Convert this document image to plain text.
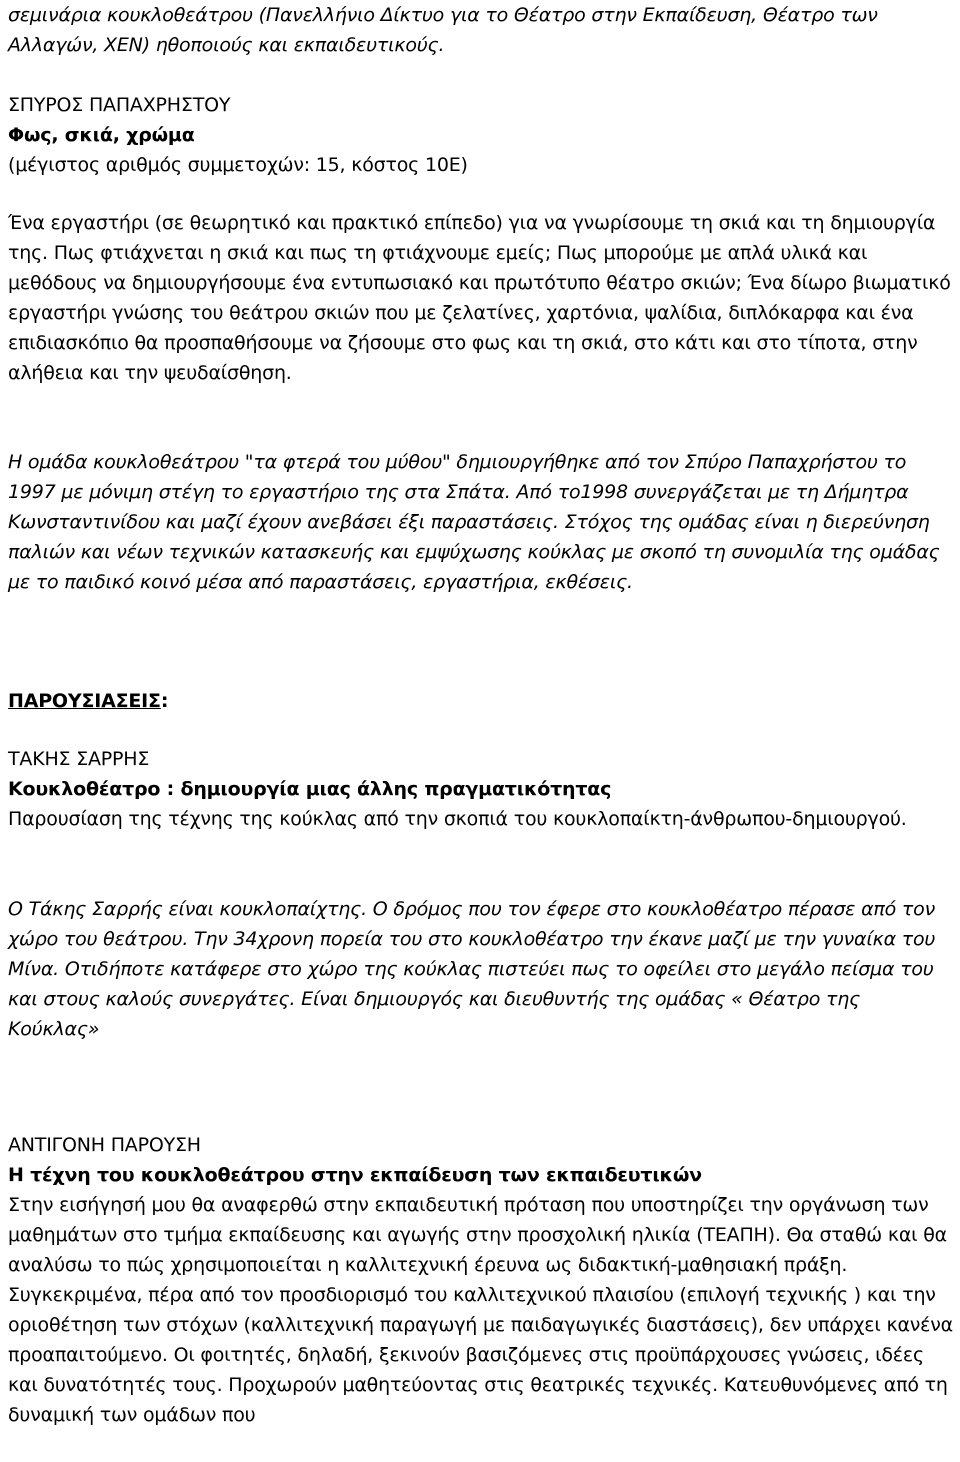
σεμινάρια κουκλοθεάτρου (Πανελλήνιο Δίκτυο για το Θέατρο στην Εκπαίδευση, Θέατρο των Αλλαγών, ΧΕΝ) ηθοποιούς και εκπαιδευτικούς.

ΣΠΥΡΟΣ ΠΑΠΑΧΡΗΣΤΟΥ

Φως, σκιά, χρώμα

(μέγιστος αριθμός συμμετοχών: 15, κόστος 10Ε)

Ένα εργαστήρι (σε θεωρητικό και πρακτικό επίπεδο) για να γνωρίσουμε τη σκιά και τη δημιουργία της. Πως φτιάχνεται η σκιά και πως τη φτιάχνουμε εμείς; Πως μπορούμε με απλά υλικά και μεθόδους να δημιουργήσουμε ένα εντυπωσιακό και πρωτότυπο θέατρο σκιών; Ένα δίωρο βιωματικό εργαστήρι γνώσης του θεάτρου σκιών που με ζελατίνες, χαρτόνια, ψαλίδια, διπλόκαρφα και ένα επιδιασκόπιο θα προσπαθήσουμε να ζήσουμε στο φως και τη σκιά, στο κάτι και στο τίποτα, στην αλήθεια και την ψευδαίσθηση.

Η ομάδα κουκλοθεάτρου "τα φτερά του μύθου" δημιουργήθηκε από τον Σπύρο Παπαχρήστου το 1997 με μόνιμη στέγη το εργαστήριο της στα Σπάτα. Από το1998 συνεργάζεται με τη Δήμητρα Κωνσταντινίδου και μαζί έχουν ανεβάσει έξι παραστάσεις. Στόχος της ομάδας είναι η διερεύνηση παλιών και νέων τεχνικών κατασκευής και εμψύχωσης κούκλας με σκοπό τη συνομιλία της ομάδας με το παιδικό κοινό μέσα από παραστάσεις, εργαστήρια, εκθέσεις.

ΠΑΡΟΥΣΙΑΣΕΙΣ:

ΤΑΚΗΣ ΣΑΡΡΗΣ

Κουκλοθέατρο : δημιουργία μιας άλλης πραγματικότητας

Παρουσίαση της τέχνης της κούκλας από την σκοπιά του κουκλοπαίκτη-άνθρωπου-δημιουργού.

Ο Τάκης Σαρρής είναι κουκλοπαίχτης. Ο δρόμος που τον έφερε στο κουκλοθέατρο πέρασε από τον χώρο του θεάτρου. Την 34χρονη πορεία του στο κουκλοθέατρο την έκανε μαζί με την γυναίκα του Μίνα. Οτιδήποτε κατάφερε στο χώρο της κούκλας πιστεύει πως το οφείλει στο μεγάλο πείσμα του και στους καλούς συνεργάτες. Είναι δημιουργός και διευθυντής της ομάδας « Θέατρο της Κούκλας»

ΑΝΤΙΓΟΝΗ ΠΑΡΟΥΣΗ

Η τέχνη του κουκλοθεάτρου στην εκπαίδευση των εκπαιδευτικών

Στην εισήγησή μου θα αναφερθώ στην εκπαιδευτική πρόταση που υποστηρίζει την οργάνωση των μαθημάτων στο τμήμα εκπαίδευσης και αγωγής στην προσχολική ηλικία (ΤΕΑΠΗ). Θα σταθώ και θα αναλύσω το πώς χρησιμοποιείται η καλλιτεχνική έρευνα ως διδακτική-μαθησιακή πράξη. Συγκεκριμένα, πέρα από τον προσδιορισμό του καλλιτεχνικού πλαισίου (επιλογή τεχνικής ) και την οριοθέτηση των στόχων (καλλιτεχνική παραγωγή με παιδαγωγικές διαστάσεις), δεν υπάρχει κανένα προαπαιτούμενο. Οι φοιτητές, δηλαδή, ξεκινούν βασιζόμενες στις προϋπάρχουσες γνώσεις, ιδέες και δυνατότητές τους. Προχωρούν μαθητεύοντας στις θεατρικές τεχνικές. Κατευθυνόμενες από τη δυναμική των ομάδων που
